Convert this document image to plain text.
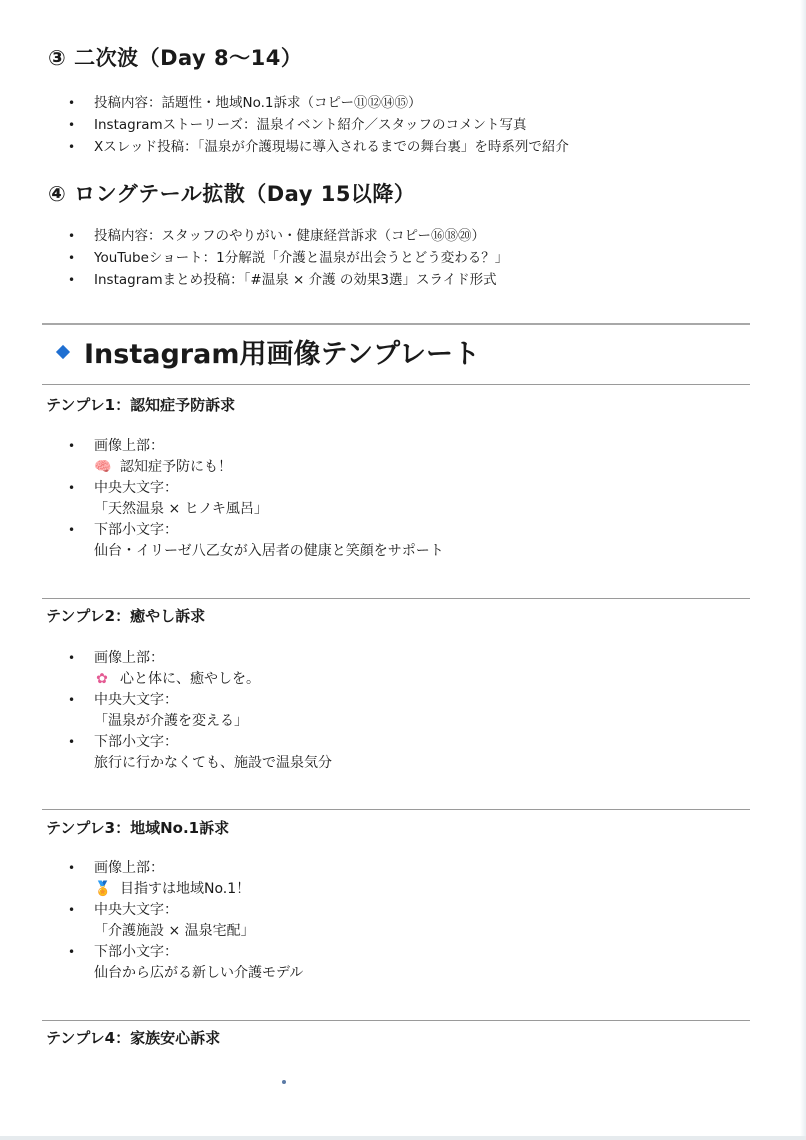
③ 二次波（Day 8〜14）
• 投稿内容：話題性・地域No.1訴求（コピー⑪⑫⑭⑮）
• Instagramストーリーズ：温泉イベント紹介／スタッフのコメント写真
• Xスレッド投稿：「温泉が介護現場に導入されるまでの舞台裏」を時系列で紹介
④ ロングテール拡散（Day 15以降）
• 投稿内容：スタッフのやりがい・健康経営訴求（コピー⑯⑱⑳）
• YouTubeショート：1分解説「介護と温泉が出会うとどう変わる？」
• Instagramまとめ投稿：「#温泉 × 介護 の効果3選」スライド形式
Instagram用画像テンプレート
テンプレ1：認知症予防訴求
• 画像上部：
🧠 認知症予防にも！
• 中央大文字：
「天然温泉 × ヒノキ風呂」
• 下部小文字：
仙台・イリーゼ八乙女が入居者の健康と笑顔をサポート
テンプレ2：癒やし訴求
• 画像上部：
✿ 心と体に、癒やしを。
• 中央大文字：
「温泉が介護を変える」
• 下部小文字：
旅行に行かなくても、施設で温泉気分
テンプレ3：地域No.1訴求
• 画像上部：
🏅 目指すは地域No.1！
• 中央大文字：
「介護施設 × 温泉宅配」
• 下部小文字：
仙台から広がる新しい介護モデル
テンプレ4：家族安心訴求
